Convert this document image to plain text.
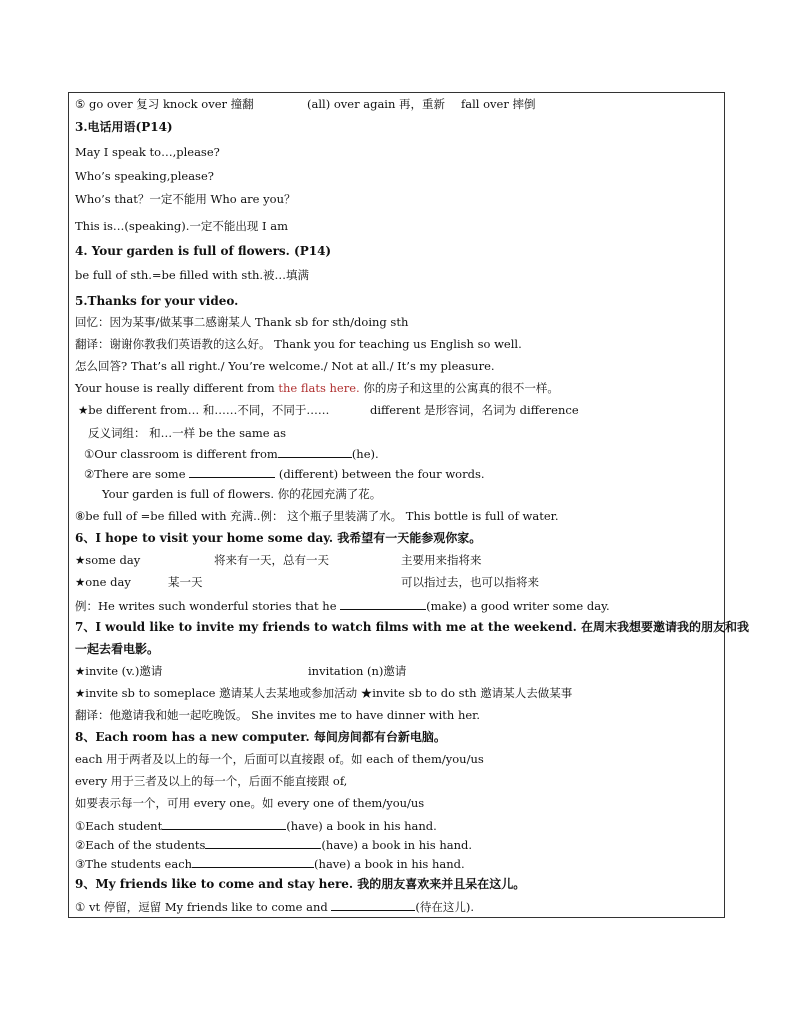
⑤ go over 复习 knock over 撞翻	(all) over again 再，重新 fall over 摔倒
3.电话用语(P14)
May I speak to…,please?
Who’s speaking,please?
Who’s that？一定不能用 Who are you？
This is…(speaking).一定不能出现 I am
4. Your garden is full of flowers. (P14)
be full of sth.=be filled with sth.被…填满
5.Thanks for your video.
回忆：因为某事/做某事二感谢某人 Thank sb for sth/doing sth
翻译：谢谢你教我们英语教的这么好。 Thank you for teaching us English so well.
怎么回答? That’s all right./ You’re welcome./ Not at all./ It’s my pleasure.
Your house is really different from the flats here. 你的房子和这里的公寓真的很不一样。
★be different from… 和……不同，不同于……	different 是形容词，名词为 difference
反义词组： 和…一样 be the same as
①Our classroom is different from	(he).
②There are some	(different) between the four words.
Your garden is full of flowers. 你的花园充满了花。
⑧be full of =be filled with 充满..例： 这个瓶子里装满了水。 This bottle is full of water.
6、I hope to visit your home some day. 我希望有一天能参观你家。
★some day	将来有一天，总有一天	主要用来指将来
★one day	某一天	可以指过去，也可以指将来
例：He writes such wonderful stories that he	(make) a good writer some day.
7、I would like to invite my friends to watch films with me at the weekend. 在周末我想要邀请我的朋友和我
一起去看电影。
★invite (v.)邀请	invitation (n)邀请
★invite sb to someplace 邀请某人去某地或参加活动 ★invite sb to do sth 邀请某人去做某事
翻译：他邀请我和她一起吃晚饭。 She invites me to have dinner with her.
8、Each room has a new computer. 每间房间都有台新电脑。
each 用于两者及以上的每一个，后面可以直接跟 of。如 each of them/you/us
every 用于三者及以上的每一个，后面不能直接跟 of,
如要表示每一个，可用 every one。如 every one of them/you/us
①Each student	(have) a book in his hand.
②Each of the students	(have) a book in his hand.
③The students each	(have) a book in his hand.
9、My friends like to come and stay here. 我的朋友喜欢来并且呆在这儿。
① vt 停留，逗留 My friends like to come and	(待在这儿).
